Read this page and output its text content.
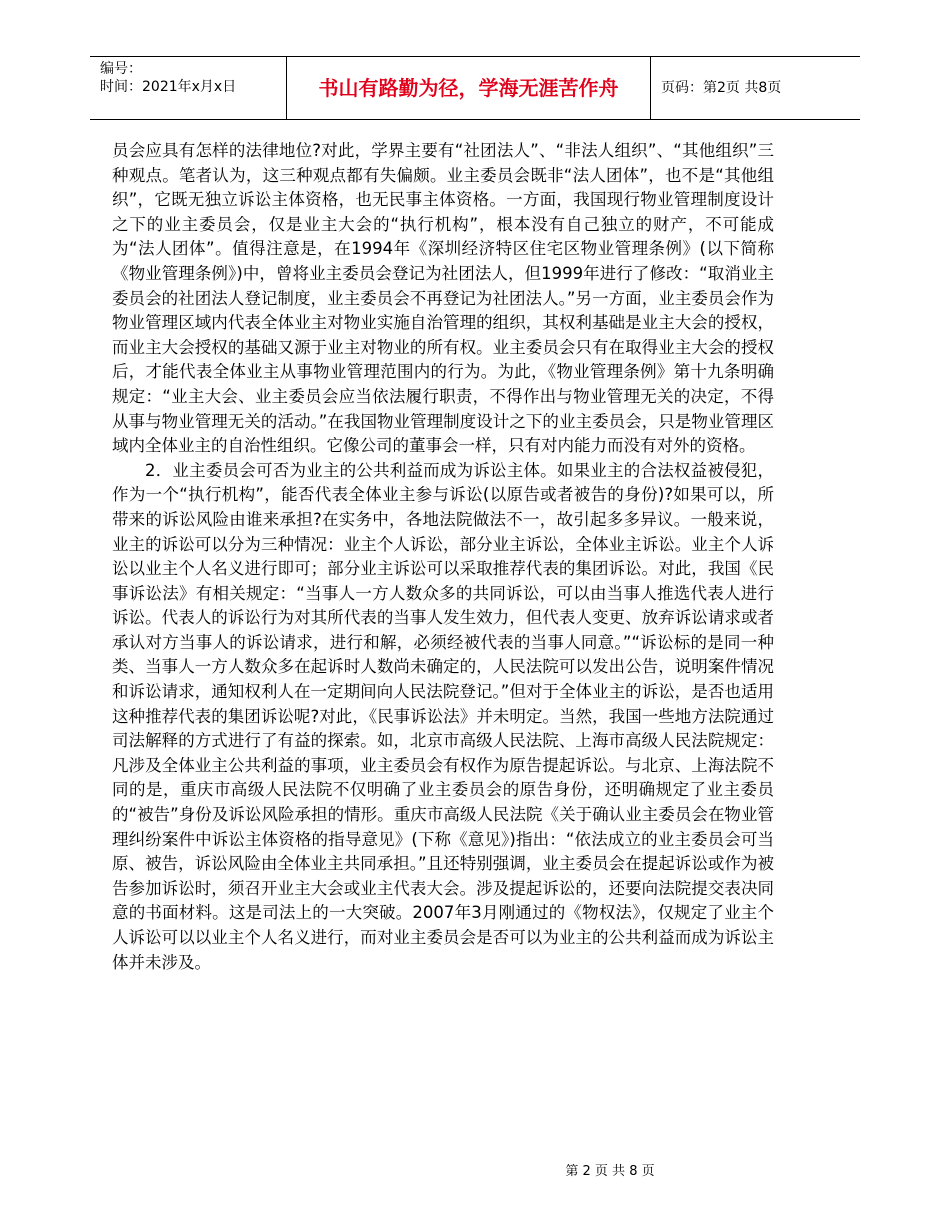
编号：
时间：2021年x月x日	书山有路勤为径，学海无涯苦作舟	页码：第2页 共8页

员会应具有怎样的法律地位?对此，学界主要有“社团法人”、“非法人组织”、“其他组织”三种观点。笔者认为，这三种观点都有失偏颇。业主委员会既非“法人团体”，也不是“其他组织”，它既无独立诉讼主体资格，也无民事主体资格。一方面，我国现行物业管理制度设计之下的业主委员会，仅是业主大会的“执行机构”，根本没有自己独立的财产，不可能成为“法人团体”。值得注意是，在1994年《深圳经济特区住宅区物业管理条例》(以下简称《物业管理条例》)中，曾将业主委员会登记为社团法人，但1999年进行了修改：“取消业主委员会的社团法人登记制度，业主委员会不再登记为社团法人。”另一方面，业主委员会作为物业管理区域内代表全体业主对物业实施自治管理的组织，其权利基础是业主大会的授权，而业主大会授权的基础又源于业主对物业的所有权。业主委员会只有在取得业主大会的授权后，才能代表全体业主从事物业管理范围内的行为。为此，《物业管理条例》第十九条明确规定：“业主大会、业主委员会应当依法履行职责，不得作出与物业管理无关的决定，不得从事与物业管理无关的活动。”在我国物业管理制度设计之下的业主委员会，只是物业管理区域内全体业主的自治性组织。它像公司的董事会一样，只有对内能力而没有对外的资格。

2．业主委员会可否为业主的公共利益而成为诉讼主体。如果业主的合法权益被侵犯，作为一个“执行机构”，能否代表全体业主参与诉讼(以原告或者被告的身份)?如果可以，所带来的诉讼风险由谁来承担?在实务中，各地法院做法不一，故引起多多异议。一般来说，业主的诉讼可以分为三种情况：业主个人诉讼，部分业主诉讼，全体业主诉讼。业主个人诉讼以业主个人名义进行即可；部分业主诉讼可以采取推荐代表的集团诉讼。对此，我国《民事诉讼法》有相关规定：“当事人一方人数众多的共同诉讼，可以由当事人推选代表人进行诉讼。代表人的诉讼行为对其所代表的当事人发生效力，但代表人变更、放弃诉讼请求或者承认对方当事人的诉讼请求，进行和解，必须经被代表的当事人同意。”“诉讼标的是同一种类、当事人一方人数众多在起诉时人数尚未确定的，人民法院可以发出公告，说明案件情况和诉讼请求，通知权利人在一定期间向人民法院登记。”但对于全体业主的诉讼，是否也适用这种推荐代表的集团诉讼呢?对此，《民事诉讼法》并未明定。当然，我国一些地方法院通过司法解释的方式进行了有益的探索。如，北京市高级人民法院、上海市高级人民法院规定：凡涉及全体业主公共利益的事项，业主委员会有权作为原告提起诉讼。与北京、上海法院不同的是，重庆市高级人民法院不仅明确了业主委员会的原告身份，还明确规定了业主委员的“被告”身份及诉讼风险承担的情形。重庆市高级人民法院《关于确认业主委员会在物业管理纠纷案件中诉讼主体资格的指导意见》(下称《意见》)指出：“依法成立的业主委员会可当原、被告，诉讼风险由全体业主共同承担。”且还特别强调，业主委员会在提起诉讼或作为被告参加诉讼时，须召开业主大会或业主代表大会。涉及提起诉讼的，还要向法院提交表决同意的书面材料。这是司法上的一大突破。2007年3月刚通过的《物权法》，仅规定了业主个人诉讼可以以业主个人名义进行，而对业主委员会是否可以为业主的公共利益而成为诉讼主体并未涉及。

第 2 页 共 8 页
